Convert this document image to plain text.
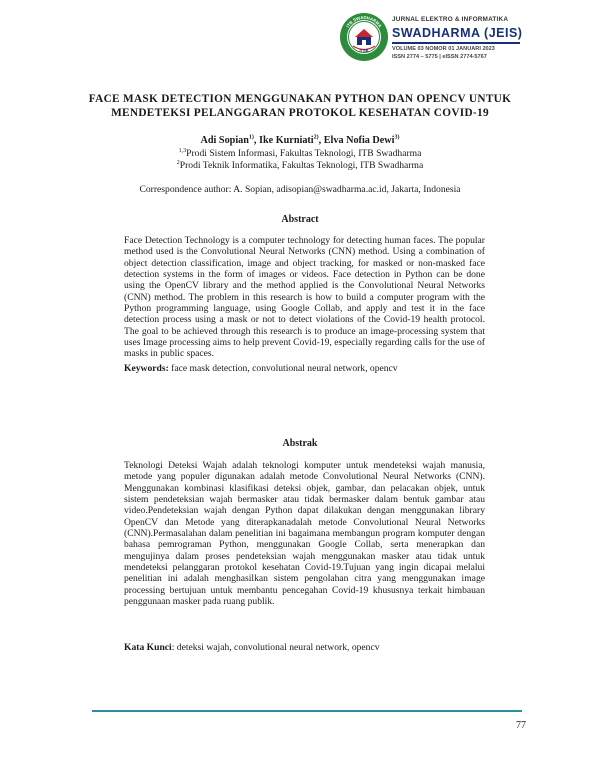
ITSB
ITB SWADHARMA
JURNAL ELEKTRO & INFORMATIKA
SWADHARMA (JEIS)
VOLUME 03 NOMOR 01 JANUARI 2023
ISSN 2774 – 5775 | eISSN 2774-5767
FACE MASK DETECTION MENGGUNAKAN PYTHON DAN OPENCV UNTUK
MENDETEKSI PELANGGARAN PROTOKOL KESEHATAN COVID-19
Adi Sopian$^{1)}$, Ike Kurniati$^{2)}$, Elva Nofia Dewi$^{3)}$
$^{1,3}$Prodi Sistem Informasi, Fakultas Teknologi, ITB Swadharma
$^2$Prodi Teknik Informatika, Fakultas Teknologi, ITB Swadharma
Correspondence author: A. Sopian, adisopian@swadharma.ac.id, Jakarta, Indonesia
Abstract
Face Detection Technology is a computer technology for detecting human faces. The popular method used is the Convolutional Neural Networks (CNN) method. Using a combination of object detection classification, image and object tracking, for masked or non-masked face detection systems in the form of images or videos. Face detection in Python can be done using the OpenCV library and the method applied is the Convolutional Neural Networks (CNN) method. The problem in this research is how to build a computer program with the Python programming language, using Google Collab, and apply and test it in the face detection process using a mask or not to detect violations of the Covid-19 health protocol. The goal to be achieved through this research is to produce an image-processing system that uses Image processing aims to help prevent Covid-19, especially regarding calls for the use of masks in public spaces.
Keywords: face mask detection, convolutional neural network, opencv
Abstrak
Teknologi Deteksi Wajah adalah teknologi komputer untuk mendeteksi wajah manusia, metode yang populer digunakan adalah metode Convolutional Neural Networks (CNN). Menggunakan kombinasi klasifikasi deteksi objek, gambar, dan pelacakan objek, untuk sistem pendeteksian wajah bermasker atau tidak bermasker dalam bentuk gambar atau video.Pendeteksian wajah dengan Python dapat dilakukan dengan menggunakan library OpenCV dan Metode yang diterapkanadalah metode Convolutional Neural Networks (CNN).Permasalahan dalam penelitian ini bagaimana membangun program komputer dengan bahasa pemrograman Python, menggunakan Google Collab, serta menerapkan dan mengujinya dalam proses pendeteksian wajah menggunakan masker atau tidak untuk mendeteksi pelanggaran protokol kesehatan Covid-19.Tujuan yang ingin dicapai melalui penelitian ini adalah menghasilkan sistem pengolahan citra yang menggunakan image processing bertujuan untuk membantu pencegahan Covid-19 khususnya terkait himbauan penggunaan masker pada ruang publik.
Kata Kunci: deteksi wajah, convolutional neural network, opencv
77
